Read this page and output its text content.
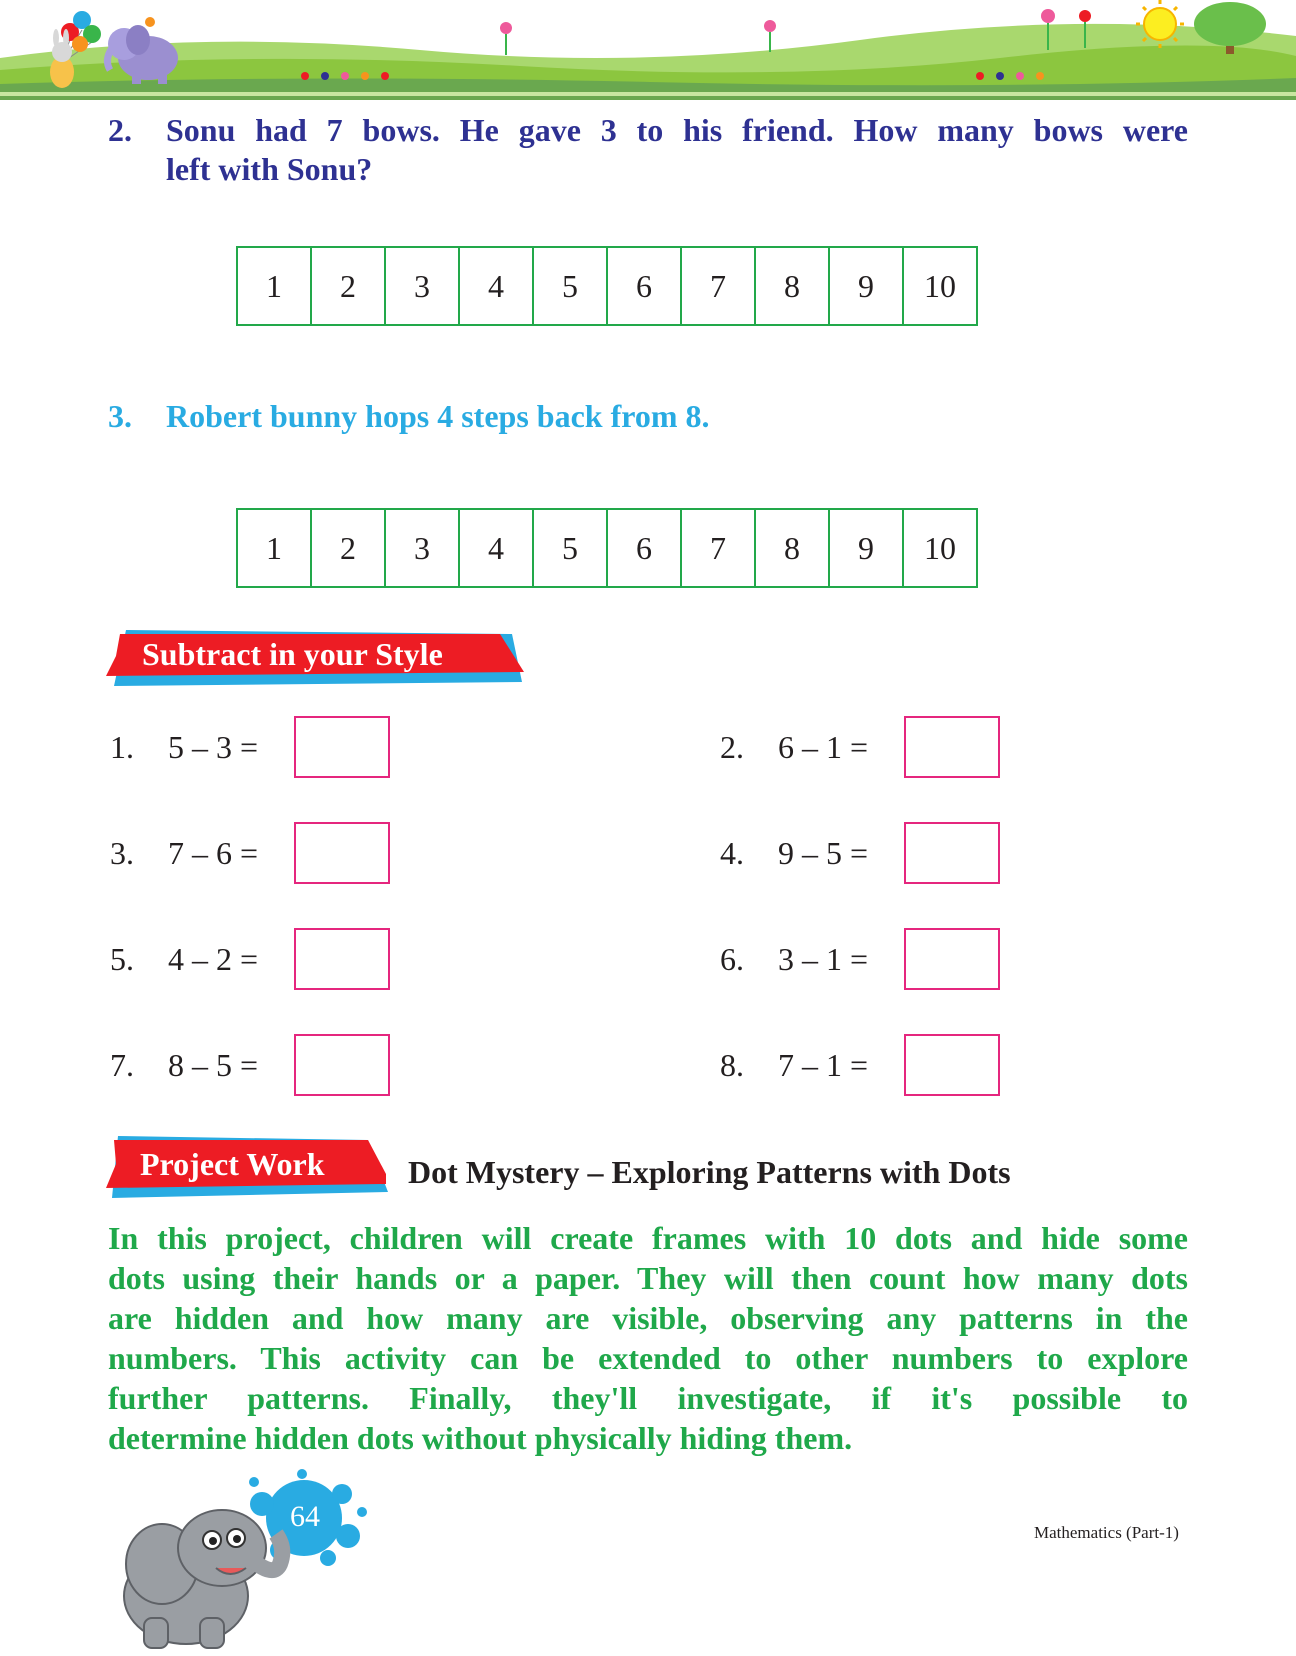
2. Sonu had 7 bows. He gave 3 to his friend. How many bows were
left with Sonu?
1	2	3	4	5	6	7	8	9	10
3. Robert bunny hops 4 steps back from 8.
1	2	3	4	5	6	7	8	9	10
Subtract in your Style
1.	5 – 3 =	2.	6 – 1 =
3.	7 – 6 =	4.	9 – 5 =
5.	4 – 2 =	6.	3 – 1 =
7.	8 – 5 =	8.	7 – 1 =
Project Work	Dot Mystery – Exploring Patterns with Dots
In this project, children will create frames with 10 dots and hide some
dots using their hands or a paper. They will then count how many dots
are hidden and how many are visible, observing any patterns in the
numbers. This activity can be extended to other numbers to explore
further patterns. Finally, they'll investigate, if it's possible to
determine hidden dots without physically hiding them.
64	Mathematics (Part-1)
